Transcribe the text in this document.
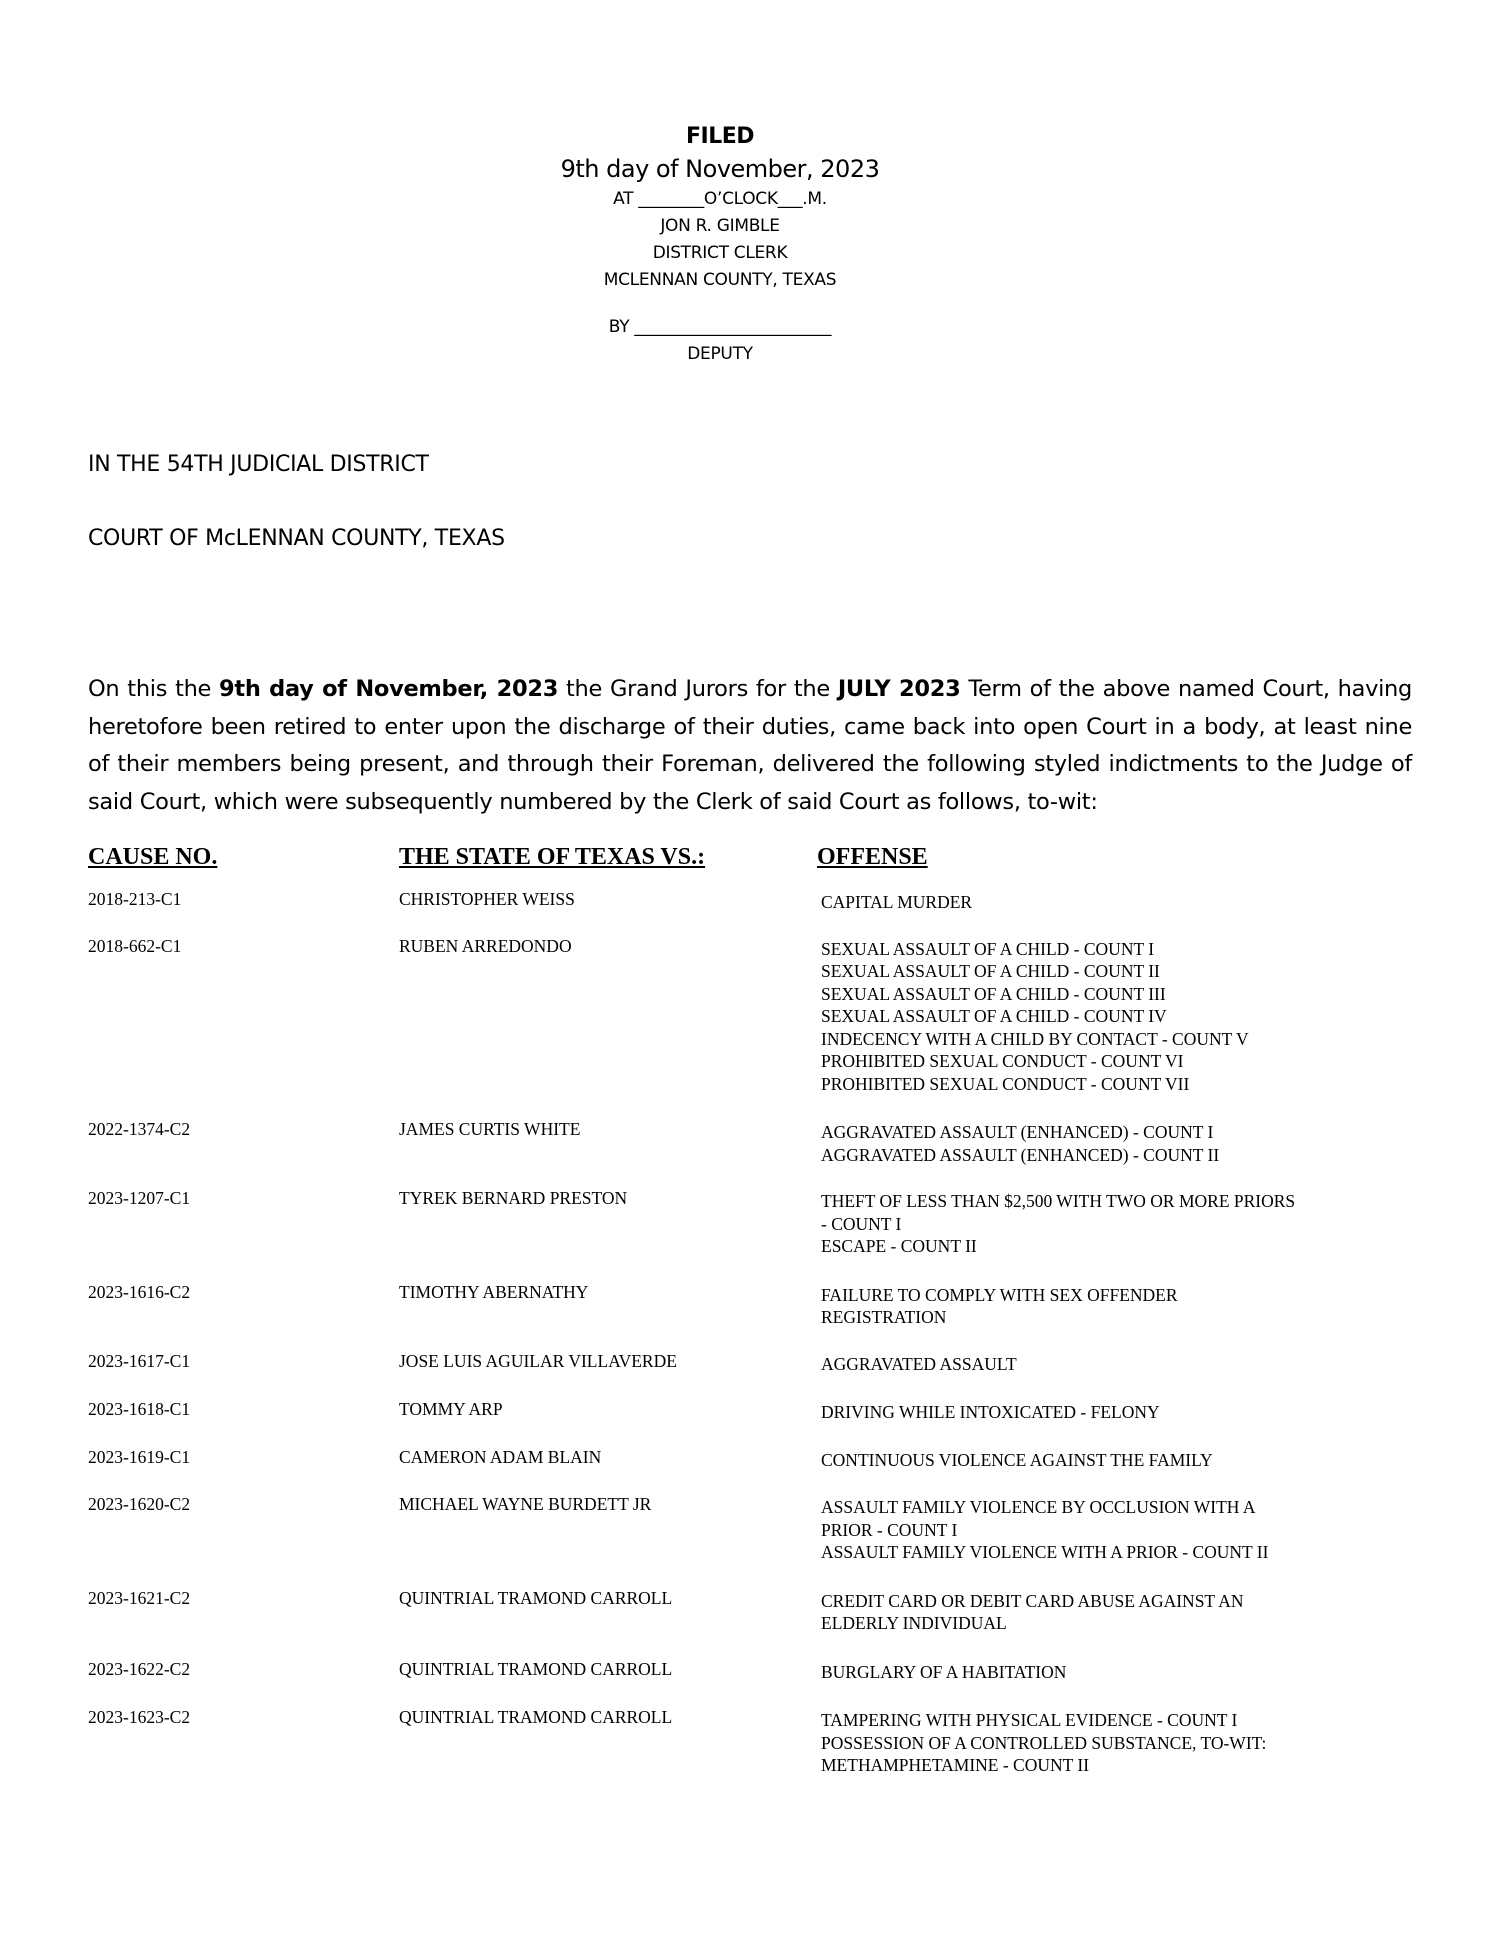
FILED
9th day of November, 2023
AT ________O’CLOCK___.M.
JON R. GIMBLE
DISTRICT CLERK
MCLENNAN COUNTY, TEXAS
BY ________________________
DEPUTY
IN THE 54TH JUDICIAL DISTRICT
COURT OF McLENNAN COUNTY, TEXAS
On this the 9th day of November, 2023 the Grand Jurors for the JULY 2023 Term of the above named Court, having heretofore been retired to enter upon the discharge of their duties, came back into open Court in a body, at least nine of their members being present, and through their Foreman, delivered the following styled indictments to the Judge of said Court, which were subsequently numbered by the Clerk of said Court as follows, to-wit:
CAUSE NO.	THE STATE OF TEXAS VS.:	OFFENSE
2018-213-C1	CHRISTOPHER WEISS	CAPITAL MURDER
2018-662-C1	RUBEN ARREDONDO	SEXUAL ASSAULT OF A CHILD - COUNT I
SEXUAL ASSAULT OF A CHILD - COUNT II
SEXUAL ASSAULT OF A CHILD - COUNT III
SEXUAL ASSAULT OF A CHILD - COUNT IV
INDECENCY WITH A CHILD BY CONTACT - COUNT V
PROHIBITED SEXUAL CONDUCT - COUNT VI
PROHIBITED SEXUAL CONDUCT - COUNT VII
2022-1374-C2	JAMES CURTIS WHITE	AGGRAVATED ASSAULT (ENHANCED) - COUNT I
AGGRAVATED ASSAULT (ENHANCED) - COUNT II
2023-1207-C1	TYREK BERNARD PRESTON	THEFT OF LESS THAN $2,500 WITH TWO OR MORE PRIORS
- COUNT I
ESCAPE - COUNT II
2023-1616-C2	TIMOTHY ABERNATHY	FAILURE TO COMPLY WITH SEX OFFENDER
REGISTRATION
2023-1617-C1	JOSE LUIS AGUILAR VILLAVERDE	AGGRAVATED ASSAULT
2023-1618-C1	TOMMY ARP	DRIVING WHILE INTOXICATED - FELONY
2023-1619-C1	CAMERON ADAM BLAIN	CONTINUOUS VIOLENCE AGAINST THE FAMILY
2023-1620-C2	MICHAEL WAYNE BURDETT JR	ASSAULT FAMILY VIOLENCE BY OCCLUSION WITH A
PRIOR - COUNT I
ASSAULT FAMILY VIOLENCE WITH A PRIOR - COUNT II
2023-1621-C2	QUINTRIAL TRAMOND CARROLL	CREDIT CARD OR DEBIT CARD ABUSE AGAINST AN
ELDERLY INDIVIDUAL
2023-1622-C2	QUINTRIAL TRAMOND CARROLL	BURGLARY OF A HABITATION
2023-1623-C2	QUINTRIAL TRAMOND CARROLL	TAMPERING WITH PHYSICAL EVIDENCE - COUNT I
POSSESSION OF A CONTROLLED SUBSTANCE, TO-WIT:
METHAMPHETAMINE - COUNT II
